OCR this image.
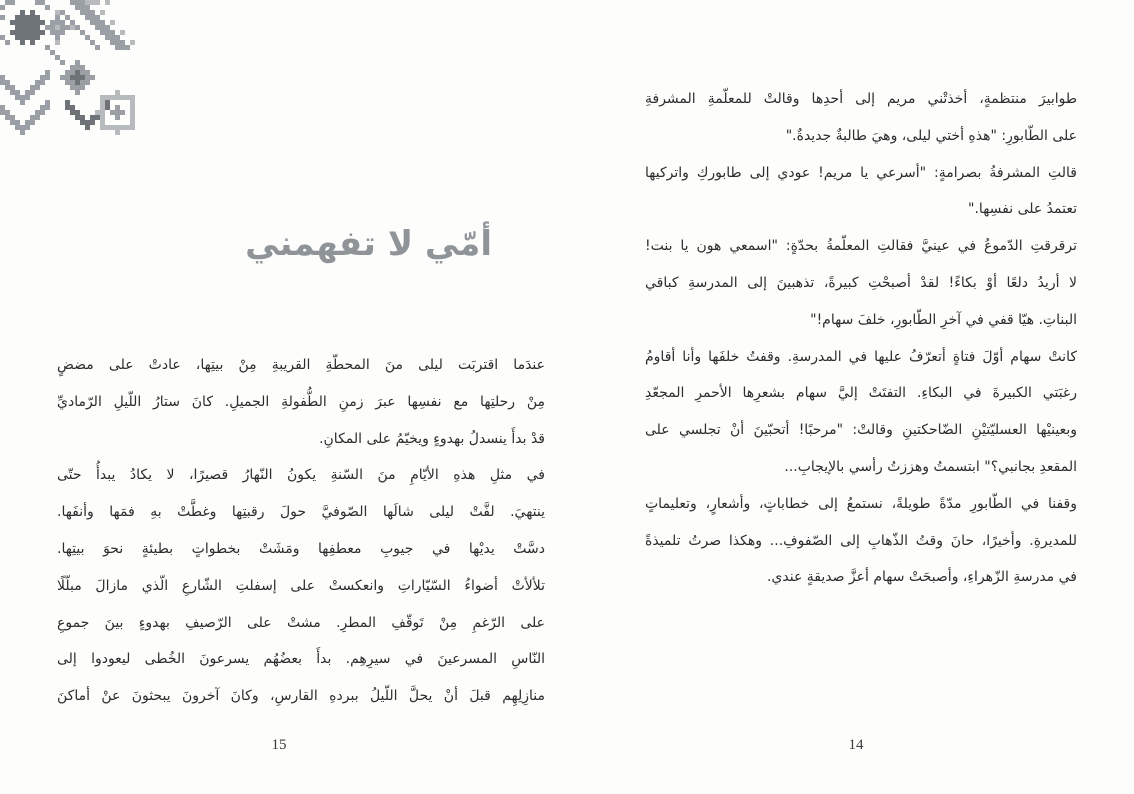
أمّي لا تفهمني
عندَما اقتربَت ليلى منَ المحطّةِ القريبةِ مِنْ بيتِها، عادتْ على مضضٍ
مِنْ رحلتِها مع نفسِها عبرَ زمنِ الطُّفولةِ الجميلِ. كانَ ستارُ اللّيلِ الرّماديِّ
قدْ بدأَ ينسدلُ بهدوءٍ ويخيّمُ على المكانِ.
في مثلِ هذهِ الأيّامِ منَ السّنةِ يكونُ النّهارُ قصيرًا، لا يكادُ يبدأُ حتّى
ينتهيَ. لفَّتْ ليلى شالَها الصّوفيَّ حولَ رقبتِها وغطَّتْ بهِ فمَها وأنفَها.
دسَّتْ يديْها في جيوبِ معطفِها ومَشَتْ بخطواتٍ بطيئةٍ نحوَ بيتِها.
تلألأتْ أضواءُ السّيّاراتِ وانعكستْ على إسفلتِ الشّارعِ الّذي مازالَ مبلّلًا
على الرّغمِ مِنْ تَوقّفِ المطرِ. مشتْ على الرّصيفِ بهدوءٍ بينَ جموعِ
النّاسِ المسرعينَ في سيرِهِم. بدأَ بعضُهُم يسرعونَ الخُطى ليعودوا إلى
منازِلِهِم قبلَ أنْ يحلَّ اللّيلُ ببردهِ القارسِ، وكانَ آخرونَ يبحثونَ عنْ أماكنَ
15
طوابيرَ منتظمةٍ، أخذتْني مريم إلى أحدِها وقالتْ للمعلّمةِ المشرفةِ
على الطّابورِ: "هذهِ أختي ليلى، وهيَ طالبةٌ جديدةٌ."
قالتِ المشرفةُ بصرامةٍ: "أسرعي يا مريم! عودي إلى طابوركِ واتركيها
تعتمدُ على نفسِها."
ترقرقتِ الدّموعُ في عينيَّ فقالتِ المعلّمةُ بحدّةٍ: "اسمعي هون يا بنت!
لا أريدُ دلعًا أوْ بكاءً! لقدْ أصبحْتِ كبيرةً، تذهبينَ إلى المدرسةِ كباقي
البناتِ. هيّا قفي في آخرِ الطّابورِ، خلفَ سهام!"
كانتْ سهام أوّلَ فتاةٍ أتعرّفُ عليها في المدرسةِ. وقفتُ خلفَها وأنا أقاومُ
رغبَتي الكبيرةَ في البكاءِ. التفتَتْ إليَّ سهام بشعرِها الأحمرِ المجعّدِ
وبعينيْها العسليّتيْنِ الضّاحكتينِ وقالتْ: "مرحبًا! أتحبّينَ أنْ تجلسي على
المقعدِ بجانبي؟" ابتسمتُ وهززتُ رأسي بالإيجابِ...
وقفنا في الطّابورِ مدّةً طويلةً، نستمعُ إلى خطاباتٍ، وأشعارٍ، وتعليماتٍ
للمديرةِ. وأخيرًا، حانَ وقتُ الذّهابِ إلى الصّفوفِ... وهكذا صرتُ تلميذةً
في مدرسةِ الزّهراءِ، وأصبحَتْ سهام أعزَّ صديقةٍ عندي.
14
